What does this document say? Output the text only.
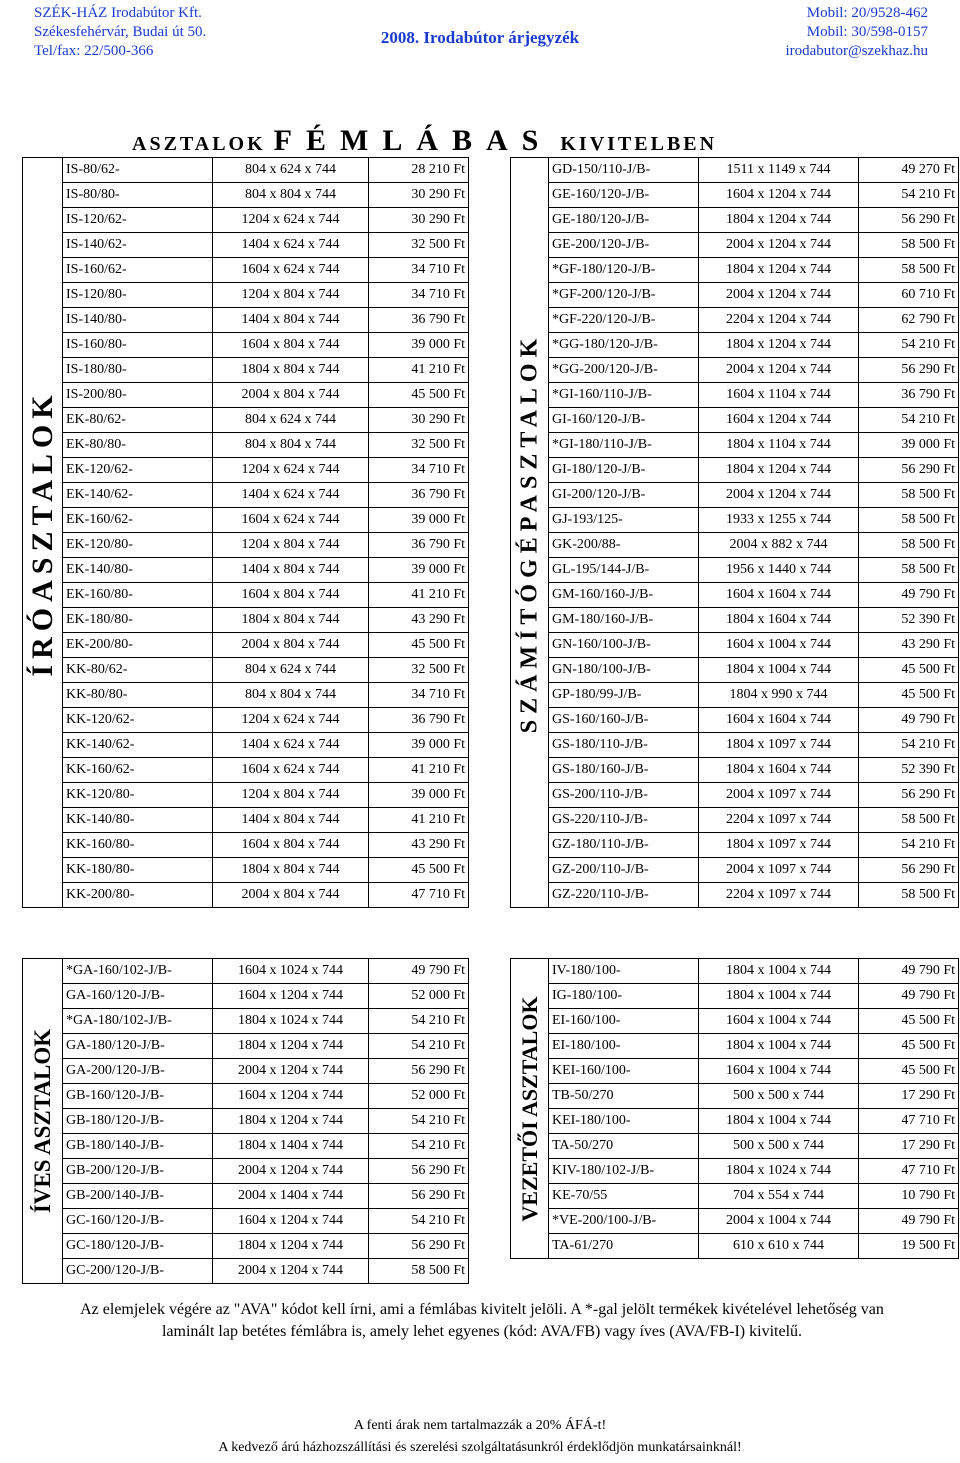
SZÉK-HÁZ Irodabútor Kft.
Székesfehérvár, Budai út 50.
Tel/fax: 22/500-366
2008. Irodabútor árjegyzék
Mobil: 20/9528-462
Mobil: 30/598-0157
irodabutor@szekhaz.hu
ASZTALOK FÉMLÁBAS KIVITELBEN
ÍRÓASZTALOK	IS-80/62-	804 x 624 x 744	28 210 Ft
	IS-80/80-	804 x 804 x 744	30 290 Ft
	IS-120/62-	1204 x 624 x 744	30 290 Ft
	IS-140/62-	1404 x 624 x 744	32 500 Ft
	IS-160/62-	1604 x 624 x 744	34 710 Ft
	IS-120/80-	1204 x 804 x 744	34 710 Ft
	IS-140/80-	1404 x 804 x 744	36 790 Ft
	IS-160/80-	1604 x 804 x 744	39 000 Ft
	IS-180/80-	1804 x 804 x 744	41 210 Ft
	IS-200/80-	2004 x 804 x 744	45 500 Ft
	EK-80/62-	804 x 624 x 744	30 290 Ft
	EK-80/80-	804 x 804 x 744	32 500 Ft
	EK-120/62-	1204 x 624 x 744	34 710 Ft
	EK-140/62-	1404 x 624 x 744	36 790 Ft
	EK-160/62-	1604 x 624 x 744	39 000 Ft
	EK-120/80-	1204 x 804 x 744	36 790 Ft
	EK-140/80-	1404 x 804 x 744	39 000 Ft
	EK-160/80-	1604 x 804 x 744	41 210 Ft
	EK-180/80-	1804 x 804 x 744	43 290 Ft
	EK-200/80-	2004 x 804 x 744	45 500 Ft
	KK-80/62-	804 x 624 x 744	32 500 Ft
	KK-80/80-	804 x 804 x 744	34 710 Ft
	KK-120/62-	1204 x 624 x 744	36 790 Ft
	KK-140/62-	1404 x 624 x 744	39 000 Ft
	KK-160/62-	1604 x 624 x 744	41 210 Ft
	KK-120/80-	1204 x 804 x 744	39 000 Ft
	KK-140/80-	1404 x 804 x 744	41 210 Ft
	KK-160/80-	1604 x 804 x 744	43 290 Ft
	KK-180/80-	1804 x 804 x 744	45 500 Ft
	KK-200/80-	2004 x 804 x 744	47 710 Ft
SZÁMÍTÓGÉPASZTALOK	GD-150/110-J/B-	1511 x 1149 x 744	49 270 Ft
	GE-160/120-J/B-	1604 x 1204 x 744	54 210 Ft
	GE-180/120-J/B-	1804 x 1204 x 744	56 290 Ft
	GE-200/120-J/B-	2004 x 1204 x 744	58 500 Ft
	*GF-180/120-J/B-	1804 x 1204 x 744	58 500 Ft
	*GF-200/120-J/B-	2004 x 1204 x 744	60 710 Ft
	*GF-220/120-J/B-	2204 x 1204 x 744	62 790 Ft
	*GG-180/120-J/B-	1804 x 1204 x 744	54 210 Ft
	*GG-200/120-J/B-	2004 x 1204 x 744	56 290 Ft
	*GI-160/110-J/B-	1604 x 1104 x 744	36 790 Ft
	GI-160/120-J/B-	1604 x 1204 x 744	54 210 Ft
	*GI-180/110-J/B-	1804 x 1104 x 744	39 000 Ft
	GI-180/120-J/B-	1804 x 1204 x 744	56 290 Ft
	GI-200/120-J/B-	2004 x 1204 x 744	58 500 Ft
	GJ-193/125-	1933 x 1255 x 744	58 500 Ft
	GK-200/88-	2004 x 882 x 744	58 500 Ft
	GL-195/144-J/B-	1956 x 1440 x 744	58 500 Ft
	GM-160/160-J/B-	1604 x 1604 x 744	49 790 Ft
	GM-180/160-J/B-	1804 x 1604 x 744	52 390 Ft
	GN-160/100-J/B-	1604 x 1004 x 744	43 290 Ft
	GN-180/100-J/B-	1804 x 1004 x 744	45 500 Ft
	GP-180/99-J/B-	1804 x 990 x 744	45 500 Ft
	GS-160/160-J/B-	1604 x 1604 x 744	49 790 Ft
	GS-180/110-J/B-	1804 x 1097 x 744	54 210 Ft
	GS-180/160-J/B-	1804 x 1604 x 744	52 390 Ft
	GS-200/110-J/B-	2004 x 1097 x 744	56 290 Ft
	GS-220/110-J/B-	2204 x 1097 x 744	58 500 Ft
	GZ-180/110-J/B-	1804 x 1097 x 744	54 210 Ft
	GZ-200/110-J/B-	2004 x 1097 x 744	56 290 Ft
	GZ-220/110-J/B-	2204 x 1097 x 744	58 500 Ft
ÍVES ASZTALOK	*GA-160/102-J/B-	1604 x 1024 x 744	49 790 Ft
	GA-160/120-J/B-	1604 x 1204 x 744	52 000 Ft
	*GA-180/102-J/B-	1804 x 1024 x 744	54 210 Ft
	GA-180/120-J/B-	1804 x 1204 x 744	54 210 Ft
	GA-200/120-J/B-	2004 x 1204 x 744	56 290 Ft
	GB-160/120-J/B-	1604 x 1204 x 744	52 000 Ft
	GB-180/120-J/B-	1804 x 1204 x 744	54 210 Ft
	GB-180/140-J/B-	1804 x 1404 x 744	54 210 Ft
	GB-200/120-J/B-	2004 x 1204 x 744	56 290 Ft
	GB-200/140-J/B-	2004 x 1404 x 744	56 290 Ft
	GC-160/120-J/B-	1604 x 1204 x 744	54 210 Ft
	GC-180/120-J/B-	1804 x 1204 x 744	56 290 Ft
	GC-200/120-J/B-	2004 x 1204 x 744	58 500 Ft
VEZETŐI ASZTALOK	IV-180/100-	1804 x 1004 x 744	49 790 Ft
	IG-180/100-	1804 x 1004 x 744	49 790 Ft
	EI-160/100-	1604 x 1004 x 744	45 500 Ft
	EI-180/100-	1804 x 1004 x 744	45 500 Ft
	KEI-160/100-	1604 x 1004 x 744	45 500 Ft
	TB-50/270	500 x 500 x 744	17 290 Ft
	KEI-180/100-	1804 x 1004 x 744	47 710 Ft
	TA-50/270	500 x 500 x 744	17 290 Ft
	KIV-180/102-J/B-	1804 x 1024 x 744	47 710 Ft
	KE-70/55	704 x 554 x 744	10 790 Ft
	*VE-200/100-J/B-	2004 x 1004 x 744	49 790 Ft
	TA-61/270	610 x 610 x 744	19 500 Ft
Az elemjelek végére az "AVA" kódot kell írni, ami a fémlábas kivitelt jelöli. A *-gal jelölt termékek kivételével lehetőség van
laminált lap betétes fémlábra is, amely lehet egyenes (kód: AVA/FB) vagy íves (AVA/FB-I) kivitelű.
A fenti árak nem tartalmazzák a 20% ÁFÁ-t!
A kedvező árú házhozszállítási és szerelési szolgáltatásunkról érdeklődjön munkatársainknál!
